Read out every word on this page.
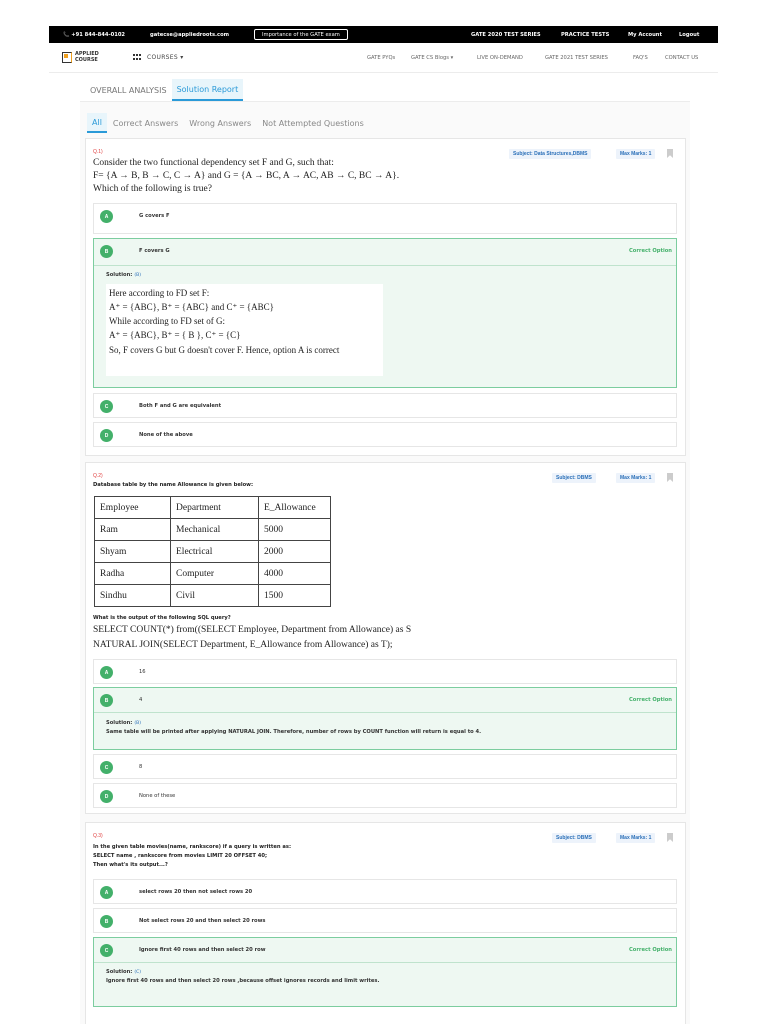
📞 +91 844-844-0102	gatecse@appliedroots.com	Importance of the GATE exam	GATE 2020 TEST SERIES	PRACTICE TESTS	My Account	Logout
APPLIED
COURSE	COURSES ▾	GATE PYQs	GATE CS Blogs ▾	LIVE ON-DEMAND	GATE 2021 TEST SERIES	FAQ'S	CONTACT US
OVERALL ANALYSIS	Solution Report
All	Correct Answers	Wrong Answers	Not Attempted Questions
Q.1)	Subject: Data Structures,DBMS	Max Marks: 1
Consider the two functional dependency set F and G, such that:
F= {A → B, B → C, C → A} and G = {A → BC, A → AC, AB → C, BC → A}.
Which of the following is true?
A	G covers F
B	F covers G	Correct Option
Solution: (B)
Here according to FD set F:
A⁺ = {ABC}, B⁺ = {ABC} and C⁺ = {ABC}
While according to FD set of G:
A⁺ = {ABC}, B⁺ = { B }, C⁺ = {C}
So, F covers G but G doesn't cover F. Hence, option A is correct
C	Both F and G are equivalent
D	None of the above
Q.2)	Subject: DBMS	Max Marks: 1
Database table by the name Allowance is given below:
Employee	Department	E_Allowance
Ram	Mechanical	5000
Shyam	Electrical	2000
Radha	Computer	4000
Sindhu	Civil	1500
What is the output of the following SQL query?
SELECT COUNT(*) from((SELECT Employee, Department from Allowance) as S
NATURAL JOIN(SELECT Department, E_Allowance from Allowance) as T);
A	16
B	4	Correct Option
Solution: (B)
Same table will be printed after applying NATURAL JOIN. Therefore, number of rows by COUNT function will return is equal to 4.
C	8
D	None of these
Q.3)	Subject: DBMS	Max Marks: 1
In the given table movies(name, rankscore) if a query is written as:
SELECT name , rankscore from movies LIMIT 20 OFFSET 40;
Then what's its output...?
A	select rows 20 then not select rows 20
B	Not select rows 20 and then select 20 rows
C	Ignore first 40 rows and then select 20 row	Correct Option
Solution: (C)
Ignore first 40 rows and then select 20 rows ,because offset ignores records and limit writes.
